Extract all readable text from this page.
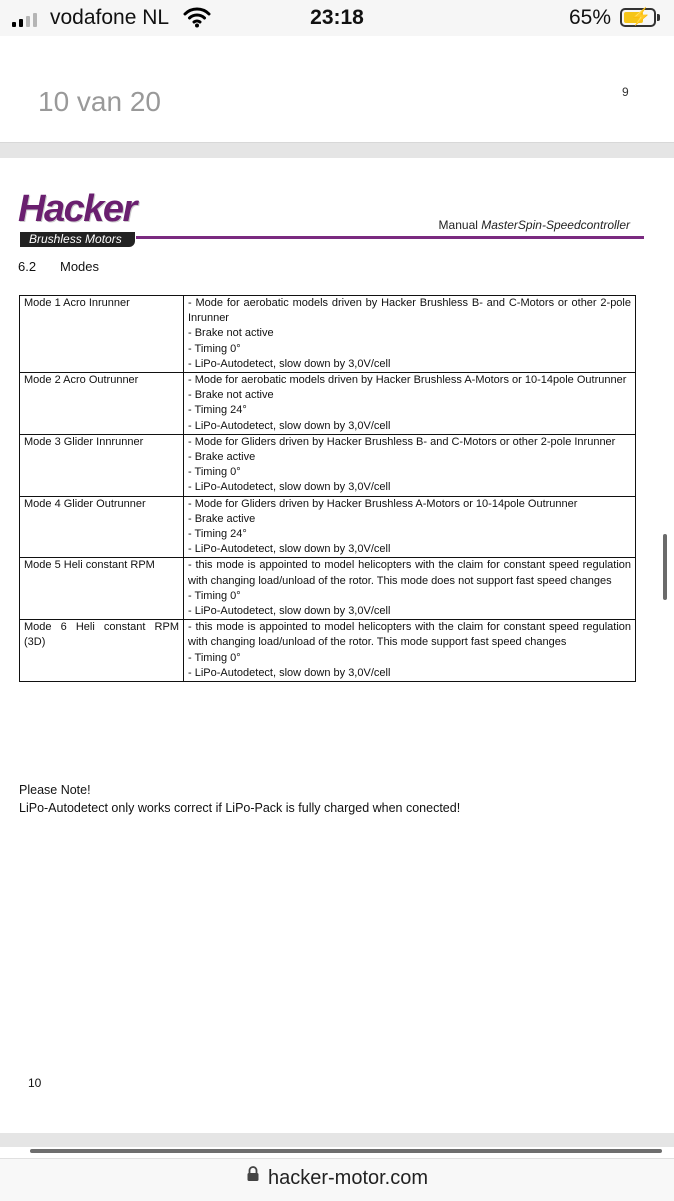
vodafone NL	23:18	65% ⚡
10 van 20	9
Hacker
Brushless Motors
Manual MasterSpin-Speedcontroller
6.2 Modes
Mode 1 Acro Inrunner	- Mode for aerobatic models driven by Hacker Brushless B- and C-Motors or other 2-pole Inrunner
- Brake not active
- Timing 0°
- LiPo-Autodetect, slow down by 3,0V/cell

Mode 2 Acro Outrunner	- Mode for aerobatic models driven by Hacker Brushless A-Motors or 10-14pole Outrunner
- Brake not active
- Timing 24°
- LiPo-Autodetect, slow down by 3,0V/cell

Mode 3 Glider Innrunner	- Mode for Gliders driven by Hacker Brushless B- and C-Motors or other 2-pole Inrunner
- Brake active
- Timing 0°
- LiPo-Autodetect, slow down by 3,0V/cell

Mode 4 Glider Outrunner	- Mode for Gliders driven by Hacker Brushless A-Motors or 10-14pole Outrunner
- Brake active
- Timing 24°
- LiPo-Autodetect, slow down by 3,0V/cell

Mode 5 Heli constant RPM	- this mode is appointed to model helicopters with the claim for constant speed regulation with changing load/unload of the rotor. This mode does not support fast speed changes
- Timing 0°
- LiPo-Autodetect, slow down by 3,0V/cell

Mode 6 Heli constant RPM (3D)	- this mode is appointed to model helicopters with the claim for constant speed regulation with changing load/unload of the rotor. This mode support fast speed changes
- Timing 0°
- LiPo-Autodetect, slow down by 3,0V/cell
Please Note!
LiPo-Autodetect only works correct if LiPo-Pack is fully charged when conected!
10
hacker-motor.com
